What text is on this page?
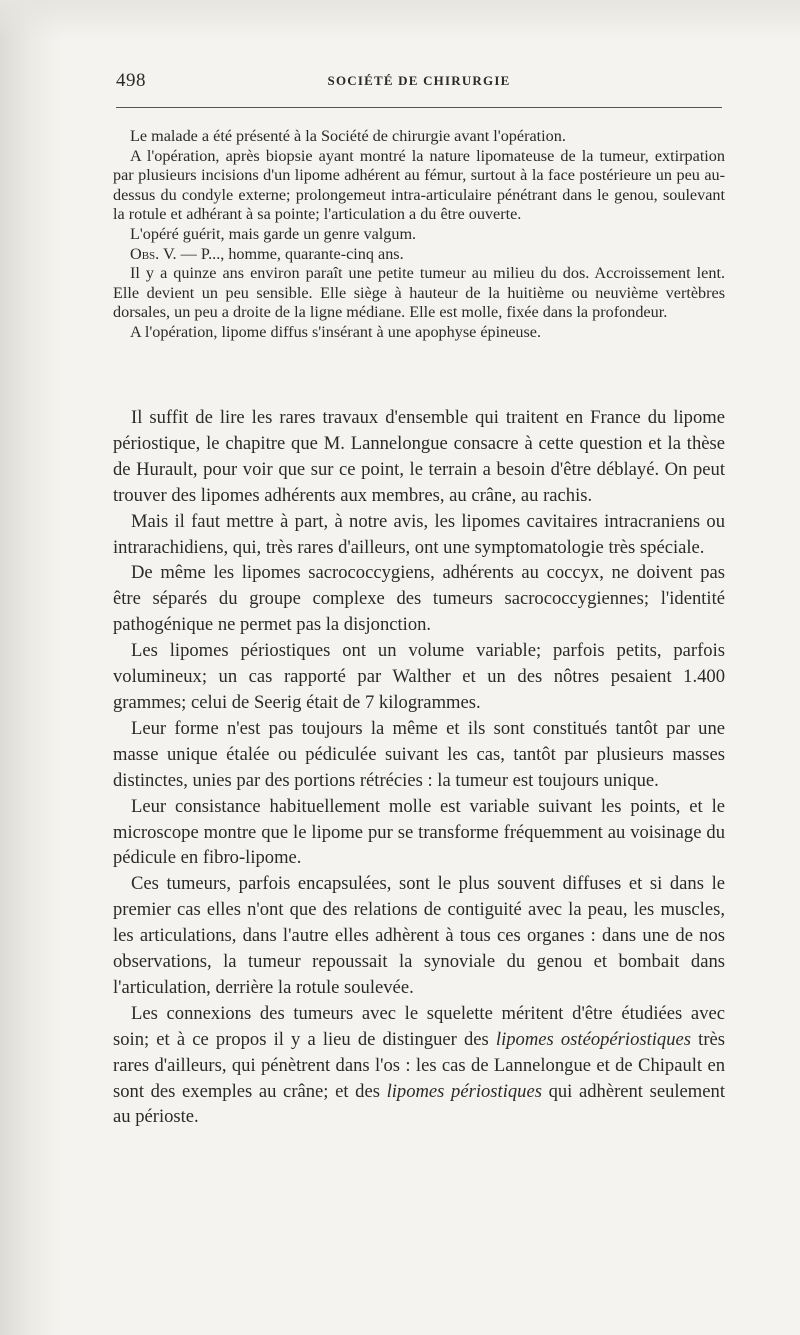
498	SOCIÉTÉ DE CHIRURGIE

Le malade a été présenté à la Société de chirurgie avant l'opération.

A l'opération, après biopsie ayant montré la nature lipomateuse de la tumeur, extirpation par plusieurs incisions d'un lipome adhérent au fémur, surtout à la face postérieure un peu au-dessus du condyle externe; prolongemeut intra-articulaire pénétrant dans le genou, soulevant la rotule et adhérant à sa pointe; l'articulation a du être ouverte.

L'opéré guérit, mais garde un genre valgum.

Obs. V. — P..., homme, quarante-cinq ans.

Il y a quinze ans environ paraît une petite tumeur au milieu du dos. Accroissement lent. Elle devient un peu sensible. Elle siège à hauteur de la huitième ou neuvième vertèbres dorsales, un peu a droite de la ligne médiane. Elle est molle, fixée dans la profondeur.

A l'opération, lipome diffus s'insérant à une apophyse épineuse.

Il suffit de lire les rares travaux d'ensemble qui traitent en France du lipome périostique, le chapitre que M. Lannelongue consacre à cette question et la thèse de Hurault, pour voir que sur ce point, le terrain a besoin d'être déblayé. On peut trouver des lipomes adhérents aux membres, au crâne, au rachis.

Mais il faut mettre à part, à notre avis, les lipomes cavitaires intracraniens ou intrarachidiens, qui, très rares d'ailleurs, ont une symptomatologie très spéciale.

De même les lipomes sacrococcygiens, adhérents au coccyx, ne doivent pas être séparés du groupe complexe des tumeurs sacrococcygiennes; l'identité pathogénique ne permet pas la disjonction.

Les lipomes périostiques ont un volume variable; parfois petits, parfois volumineux; un cas rapporté par Walther et un des nôtres pesaient 1.400 grammes; celui de Seerig était de 7 kilogrammes.

Leur forme n'est pas toujours la même et ils sont constitués tantôt par une masse unique étalée ou pédiculée suivant les cas, tantôt par plusieurs masses distinctes, unies par des portions rétrécies : la tumeur est toujours unique.

Leur consistance habituellement molle est variable suivant les points, et le microscope montre que le lipome pur se transforme fréquemment au voisinage du pédicule en fibro-lipome.

Ces tumeurs, parfois encapsulées, sont le plus souvent diffuses et si dans le premier cas elles n'ont que des relations de contiguité avec la peau, les muscles, les articulations, dans l'autre elles adhèrent à tous ces organes : dans une de nos observations, la tumeur repoussait la synoviale du genou et bombait dans l'articulation, derrière la rotule soulevée.

Les connexions des tumeurs avec le squelette méritent d'être étudiées avec soin; et à ce propos il y a lieu de distinguer des lipomes ostéopériostiques très rares d'ailleurs, qui pénètrent dans l'os : les cas de Lannelongue et de Chipault en sont des exemples au crâne; et des lipomes périostiques qui adhèrent seulement au périoste.
